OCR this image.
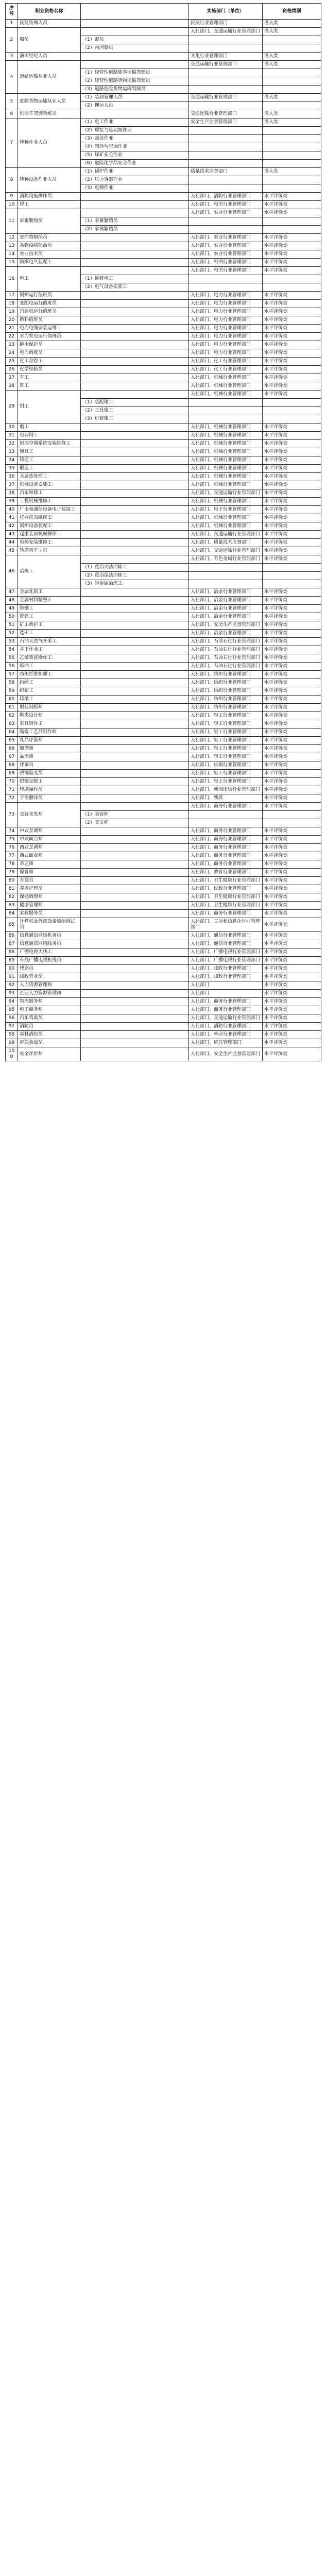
序号	职业资格名称		实施部门（单位）	资格类别
1	民航特殊人员		民航行业管理部门	准入类
2	船员		人社部门、交通运输行业管理部门	准入类
		（1）海员		
		（2）内河船员		
3	演出经纪人员		文化行业管理部门	准入类
4	道路运输从业人员		交通运输行业管理部门	准入类
		（1）经营性道路旅客运输驾驶员		
		（2）经营性道路货物运输驾驶员		
		（3）道路危险货物运输驾驶员		
5	危险货物运输从业人员	（1）装卸管理人员	交通运输行业管理部门	准入类
		（2）押运人员		
6	机动车驾驶教练员		交通运输行业管理部门	准入类
7	特种作业人员	（1）电工作业	安全生产监督管理部门	准入类
		（2）焊接与热切割作业		
		（3）高处作业		
		（4）制冷与空调作业		
		（5）煤矿安全作业		
		（6）危险化学品安全作业		
8	特种设备作业人员	（1）锅炉作业	质量技术监督部门	准入类
		（2）压力容器作业		
		（3）电梯作业		
9	消防设施操作员		人社部门、消防行业管理部门	水平评价类
10	焊工		人社部门、相关行业管理部门	水平评价类
11	家畜繁殖员		人社部门、农业行业管理部门	水平评价类
		（1）家畜繁殖员		
		（2）家禽繁殖员		
12	农作物植保员		人社部门、农业行业管理部门	水平评价类
13	动物疫病防治员		人社部门、农业行业管理部门	水平评价类
14	农业技术员		人社部门、农业行业管理部门	水平评价类
15	防爆电气装配工		人社部门、相关行业管理部门	水平评价类
16	电工		人社部门、相关行业管理部门	水平评价类
		（1）维修电工		
		（2）电气设备安装工		
17	锅炉运行值班员		人社部门、电力行业管理部门	水平评价类
18	变配电运行值班员		人社部门、电力行业管理部门	水平评价类
19	汽轮机运行值班员		人社部门、电力行业管理部门	水平评价类
20	燃料值班员		人社部门、电力行业管理部门	水平评价类
21	电力电缆安装运维工		人社部门、电力行业管理部门	水平评价类
22	水力发电运行值班员		人社部门、电力行业管理部门	水平评价类
23	继电保护员		人社部门、电力行业管理部门	水平评价类
24	电力调度员		人社部门、电力行业管理部门	水平评价类
25	化工总控工		人社部门、化工行业管理部门	水平评价类
26	化学检验员		人社部门、化工行业管理部门	水平评价类
27	车工		人社部门、机械行业管理部门	水平评价类
28	铣工		人社部门、机械行业管理部门	水平评价类
29	钳工		人社部门、机械行业管理部门	水平评价类
		（1）装配钳工		
		（2）工具钳工		
		（3）机修钳工		
30	磨工		人社部门、机械行业管理部门	水平评价类
31	电切削工		人社部门、机械行业管理部门	水平评价类
32	制冷空调系统安装维修工		人社部门、机械行业管理部门	水平评价类
33	模具工		人社部门、机械行业管理部门	水平评价类
34	铸造工		人社部门、机械行业管理部门	水平评价类
35	锻造工		人社部门、机械行业管理部门	水平评价类
36	金属热处理工		人社部门、机械行业管理部门	水平评价类
37	机械设备安装工		人社部门、机械行业管理部门	水平评价类
38	汽车维修工		人社部门、交通运输行业管理部门	水平评价类
39	工程机械维修工		人社部门、机械行业管理部门	水平评价类
40	广电和通信设备电子装接工		人社部门、电子行业管理部门	水平评价类
41	仪器仪表维修工		人社部门、机械行业管理部门	水平评价类
42	锅炉设备装配工		人社部门、机械行业管理部门	水平评价类
43	起重装卸机械操作工		人社部门、交通运输行业管理部门	水平评价类
44	电梯安装维修工		人社部门、质量技术监督部门	水平评价类
45	轨道列车司机		人社部门、交通运输行业管理部门	水平评价类
46	冶炼工		人社部门、有色金属行业管理部门	水平评价类
		（1）重冶火法冶炼工		
		（2）重冶湿法冶炼工		
		（3）轻金属冶炼工		
47	金属轧制工		人社部门、冶金行业管理部门	水平评价类
48	金属材料精整工		人社部门、冶金行业管理部门	水平评价类
49	炼钢工		人社部门、冶金行业管理部门	水平评价类
50	炼铁工		人社部门、冶金行业管理部门	水平评价类
51	矿山救护工		人社部门、安全生产监督管理部门	水平评价类
52	选矿工		人社部门、冶金行业管理部门	水平评价类
53	石油天然气开采工		人社部门、石油石化行业管理部门	水平评价类
54	井下作业工		人社部门、石油石化行业管理部门	水平评价类
55	乙烯装置操作工		人社部门、石油石化行业管理部门	水平评价类
56	炼油工		人社部门、石油石化行业管理部门	水平评价类
57	纺织纤维梳理工		人社部门、纺织行业管理部门	水平评价类
58	纺纱工		人社部门、纺织行业管理部门	水平评价类
59	织布工		人社部门、纺织行业管理部门	水平评价类
60	印染工		人社部门、纺织行业管理部门	水平评价类
61	服装制版师		人社部门、纺织行业管理部门	水平评价类
62	鞋类设计师		人社部门、轻工行业管理部门	水平评价类
63	家具制作工		人社部门、轻工行业管理部门	水平评价类
64	陶瓷工艺品制作师		人社部门、轻工行业管理部门	水平评价类
65	乳品评鉴师		人社部门、轻工行业管理部门	水平评价类
66	酿酒师		人社部门、轻工行业管理部门	水平评价类
67	品酒师		人社部门、轻工行业管理部门	水平评价类
68	评茶员		人社部门、供销行业管理部门	水平评价类
69	眼镜验光员		人社部门、轻工行业管理部门	水平评价类
70	眼镜定配工		人社部门、轻工行业管理部门	水平评价类
71	印刷操作员		人社部门、新闻出版行业管理部门	水平评价类
72	手语翻译员		人社部门、残联	水平评价类
73	美容美发师		人社部门、商务行业管理部门	水平评价类
		（1）美容师		
		（2）美发师		
74	中式烹调师		人社部门、商务行业管理部门	水平评价类
75	中式面点师		人社部门、商务行业管理部门	水平评价类
76	西式烹调师		人社部门、商务行业管理部门	水平评价类
77	西式面点师		人社部门、商务行业管理部门	水平评价类
78	茶艺师		人社部门、商务行业管理部门	水平评价类
79	保育师		人社部门、教育行业管理部门	水平评价类
80	育婴员		人社部门、卫生健康行业管理部门	水平评价类
81	养老护理员		人社部门、民政行业管理部门	水平评价类
82	保健调理师		人社部门、卫生健康行业管理部门	水平评价类
83	健康管理师		人社部门、卫生健康行业管理部门	水平评价类
84	家政服务员		人社部门、商务行业管理部门	水平评价类
85	计算机及外部设备装配调试员		人社部门、工业和信息化行业管理部门	水平评价类
86	信息通信网络机务员		人社部门、通信行业管理部门	水平评价类
87	信息通信网络线务员		人社部门、通信行业管理部门	水平评价类
88	广播电视天线工		人社部门、广播电视行业管理部门	水平评价类
89	有线广播电视机线员		人社部门、广播电视行业管理部门	水平评价类
90	快递员		人社部门、邮政行业管理部门	水平评价类
91	邮政营业员		人社部门、邮政行业管理部门	水平评价类
92	人力资源管理师		人社部门	水平评价类
93	企业人力资源管理师		人社部门	水平评价类
94	物流服务师		人社部门、商务行业管理部门	水平评价类
95	电子商务师		人社部门、商务行业管理部门	水平评价类
96	汽车驾驶员		人社部门、交通运输行业管理部门	水平评价类
97	消防员		人社部门、消防行业管理部门	水平评价类
98	森林消防员		人社部门、林业行业管理部门	水平评价类
99	应急救援员		人社部门、应急管理部门	水平评价类
100	安全评价师		人社部门、安全生产监督管理部门	水平评价类
